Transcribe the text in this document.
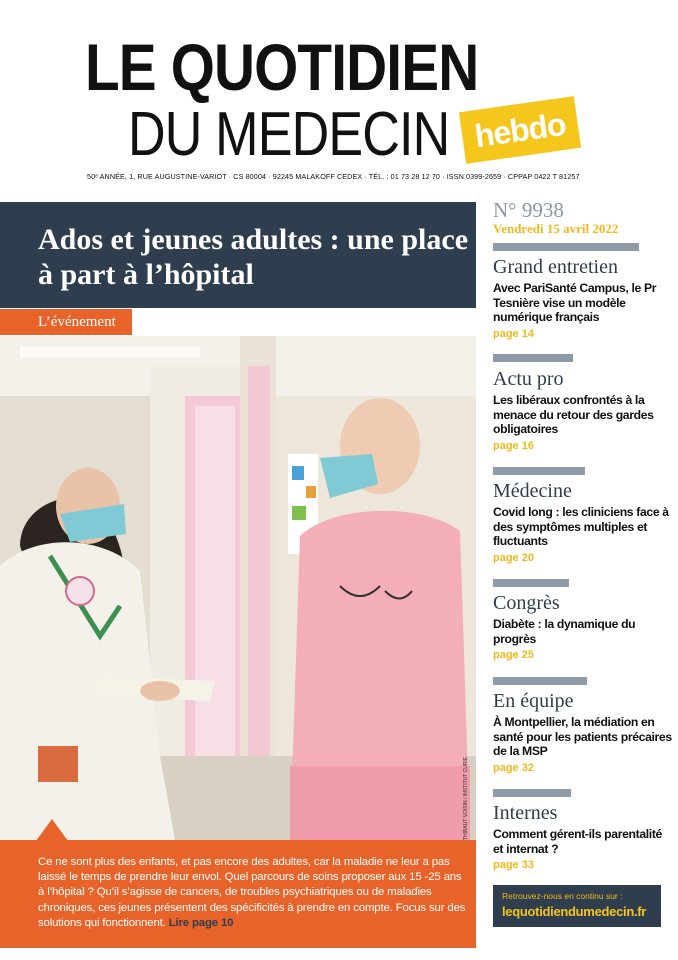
LE QUOTIDIEN
DU MEDECIN hebdo
50ᵉ ANNÉE, 1, RUE AUGUSTINE-VARIOT · CS 80004 · 92245 MALAKOFF CEDEX · TÉL. : 01 73 28 12 70 · ISSN 0399-2659 · CPPAP 0422 T 81257
Ados et jeunes adultes : une place à part à l’hôpital
L’événement
THIBAUT VOISIN / INSTITUT CURIE

Ce ne sont plus des enfants, et pas encore des adultes, car la maladie ne leur a pas laissé le temps de prendre leur envol. Quel parcours de soins proposer aux 15 -25 ans à l’hôpital ? Qu’il s’agisse de cancers, de troubles psychiatriques ou de maladies chroniques, ces jeunes présentent des spécificités à prendre en compte. Focus sur des solutions qui fonctionnent. Lire page 10

N° 9938
Vendredi 15 avril 2022
Grand entretien

Avec PariSanté Campus, le Pr Tesnière vise un modèle numérique français

page 14
Actu pro

Les libéraux confrontés à la menace du retour des gardes obligatoires

page 16
Médecine

Covid long : les cliniciens face à des symptômes multiples et fluctuants

page 20
Congrès

Diabète : la dynamique du progrès

page 25
En équipe

À Montpellier, la médiation en santé pour les patients précaires de la MSP

page 32
Internes

Comment gérent-ils parentalité et internat ?

page 33
Retrouvez-nous en continu sur :
lequotidiendumedecin.fr
